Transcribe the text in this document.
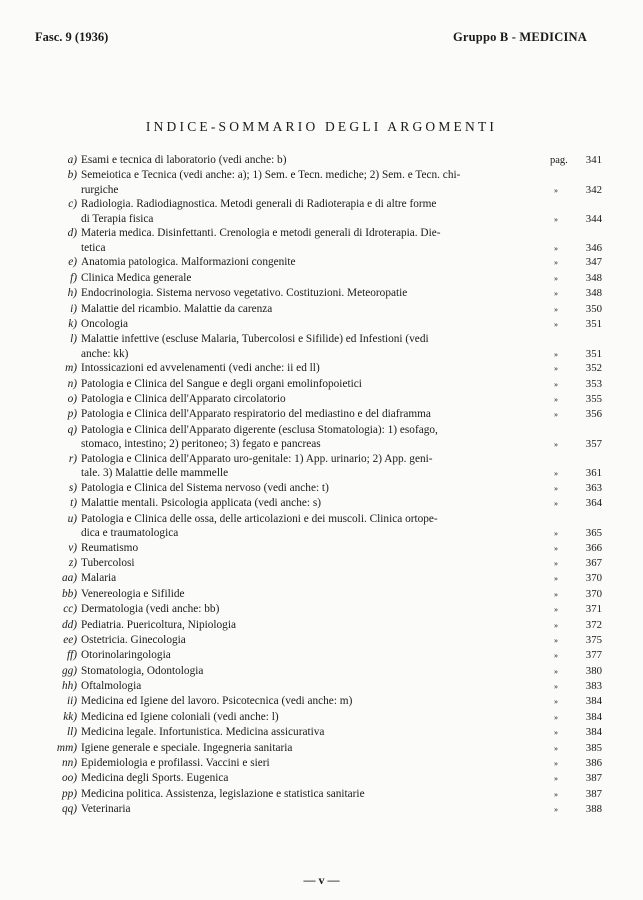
Fasc. 9 (1936)	Gruppo B - MEDICINA
INDICE-SOMMARIO DEGLI ARGOMENTI
a) Esami e tecnica di laboratorio (vedi anche: b)	pag. 341
b) Semeiotica e Tecnica (vedi anche: a); 1) Sem. e Tecn. mediche; 2) Sem. e Tecn. chi-
rurgiche	»	342
c) Radiologia. Radiodiagnostica. Metodi generali di Radioterapia e di altre forme
di Terapia fisica	»	344
d) Materia medica. Disinfettanti. Crenologia e metodi generali di Idroterapia. Die-
tetica	»	346
e) Anatomia patologica. Malformazioni congenite	»	347
f) Clinica Medica generale	»	348
h) Endocrinologia. Sistema nervoso vegetativo. Costituzioni. Meteoropatie	»	348
i) Malattie del ricambio. Malattie da carenza	»	350
k) Oncologia	»	351
l) Malattie infettive (escluse Malaria, Tubercolosi e Sifilide) ed Infestioni (vedi
anche: kk)	»	351
m) Intossicazioni ed avvelenamenti (vedi anche: ii ed ll)	»	352
n) Patologia e Clinica del Sangue e degli organi emolinfopoietici	»	353
o) Patologia e Clinica dell'Apparato circolatorio	»	355
p) Patologia e Clinica dell'Apparato respiratorio del mediastino e del diaframma	»	356
q) Patologia e Clinica dell'Apparato digerente (esclusa Stomatologia): 1) esofago,
stomaco, intestino; 2) peritoneo; 3) fegato e pancreas	»	357
r) Patologia e Clinica dell'Apparato uro-genitale: 1) App. urinario; 2) App. geni-
tale. 3) Malattie delle mammelle	»	361
s) Patologia e Clinica del Sistema nervoso (vedi anche: t)	»	363
t) Malattie mentali. Psicologia applicata (vedi anche: s)	»	364
u) Patologia e Clinica delle ossa, delle articolazioni e dei muscoli. Clinica ortope-
dica e traumatologica	»	365
v) Reumatismo	»	366
z) Tubercolosi	»	367
aa) Malaria	»	370
bb) Venereologia e Sifilide	»	370
cc) Dermatologia (vedi anche: bb)	»	371
dd) Pediatria. Puericoltura, Nipiologia	»	372
ee) Ostetricia. Ginecologia	»	375
ff) Otorinolaringologia	»	377
gg) Stomatologia, Odontologia	»	380
hh) Oftalmologia	»	383
ii) Medicina ed Igiene del lavoro. Psicotecnica (vedi anche: m)	»	384
kk) Medicina ed Igiene coloniali (vedi anche: l)	»	384
ll) Medicina legale. Infortunistica. Medicina assicurativa	»	384
mm) Igiene generale e speciale. Ingegneria sanitaria	»	385
nn) Epidemiologia e profilassi. Vaccini e sieri	»	386
oo) Medicina degli Sports. Eugenica	»	387
pp) Medicina politica. Assistenza, legislazione e statistica sanitarie	»	387
qq) Veterinaria	»	388
— v —
